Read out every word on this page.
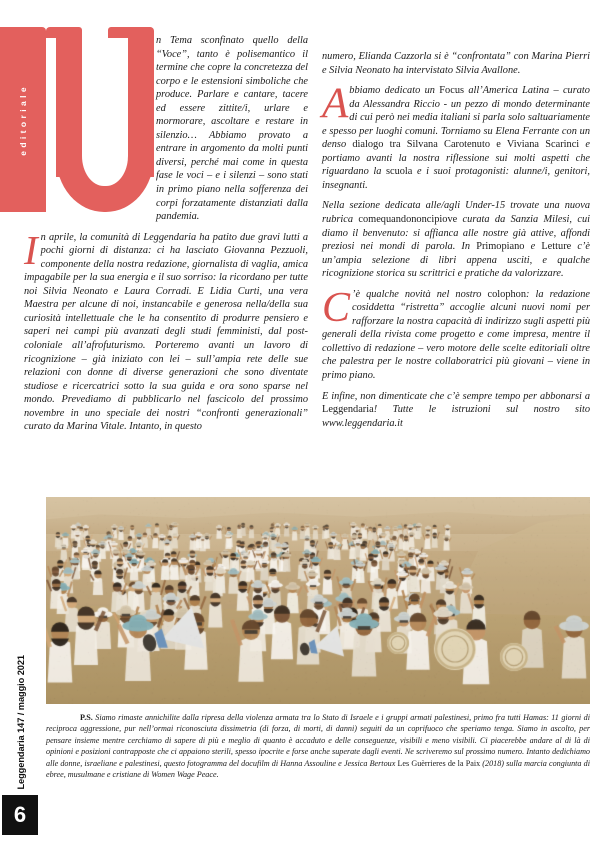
editoriale
Leggendaria 147 / maggio 2021
6

n Tema sconfinato quello della “Voce”, tanto è polisemantico il termine che copre la concretezza del corpo e le estensioni simboliche che produce. Parlare e cantare, tacere ed essere zittite/i, urlare e mormorare, ascoltare e restare in silenzio… Abbiamo provato a entrare in argomento da molti punti diversi, perché mai come in questa fase le voci – e i silenzi – sono stati in primo piano nella sofferenza dei corpi forzatamente distanziati dalla pandemia.

In aprile, la comunità di Leggendaria ha patito due gravi lutti a pochi giorni di distanza: ci ha lasciato Giovanna Pezzuoli, componente della nostra redazione, giornalista di vaglia, amica impagabile per la sua energia e il suo sorriso: la ricordano per tutte noi Silvia Neonato e Laura Corradi. E Lidia Curti, una vera Maestra per alcune di noi, instancabile e generosa nella/della sua curiosità intellettuale che le ha consentito di produrre pensiero e saperi nei campi più avanzati degli studi femministi, dal post-coloniale all’afrofuturismo. Porteremo avanti un lavoro di ricognizione – già iniziato con lei – sull’ampia rete delle sue relazioni con donne di diverse generazioni che sono diventate studiose e ricercatrici sotto la sua guida e ora sono sparse nel mondo. Prevediamo di pubblicarlo nel fascicolo del prossimo novembre in uno speciale dei nostri “confronti generazionali” curato da Marina Vitale. Intanto, in questo

numero, Elianda Cazzorla si è “confrontata” con Marina Pierri e Silvia Neonato ha intervistato Silvia Avallone.

Abbiamo dedicato un Focus all’America Latina – curato da Alessandra Riccio - un pezzo di mondo determinante di cui però nei media italiani si parla solo saltuariamente e spesso per luoghi comuni. Torniamo su Elena Ferrante con un denso dialogo tra Silvana Carotenuto e Viviana Scarinci e portiamo avanti la nostra riflessione sui molti aspetti che riguardano la scuola e i suoi protagonisti: alunne/i, genitori, insegnanti.

Nella sezione dedicata alle/agli Under-15 trovate una nuova rubrica comequandononcipiove curata da Sanzia Milesi, cui diamo il benvenuto: si affianca alle nostre già attive, affondi preziosi nei mondi di parola. In Primopiano e Letture c’è un’ampia selezione di libri appena usciti, e qualche ricognizione storica su scrittrici e pratiche da valorizzare.

C ’è qualche novità nel nostro colophon: la redazione cosiddetta “ristretta” accoglie alcuni nuovi nomi per rafforzare la nostra capacità di indirizzo sugli aspetti più generali della rivista come progetto e come impresa, mentre il collettivo di redazione – vero motore delle scelte editoriali oltre che palestra per le nostre collaboratrici più giovani – viene in primo piano.

E infine, non dimenticate che c’è sempre tempo per abbonarsi a Leggendaria! Tutte le istruzioni sul nostro sito www.leggendaria.it

P.S. Siamo rimaste annichilite dalla ripresa della violenza armata tra lo Stato di Israele e i gruppi armati palestinesi, primo fra tutti Hamas: 11 giorni di reciproca aggressione, pur nell’ormai riconosciuta dissimetria (di forza, di morti, di danni) seguiti da un coprifuoco che speriamo tenga. Siamo in ascolto, per pensare insieme mentre cerchiamo di sapere di più e meglio di quanto è accaduto e delle conseguenze, visibili e meno visibili. Ci piacerebbe andare al di là di opinioni e posizioni contrapposte che ci appaiono sterili, spesso ipocrite e forse anche superate dagli eventi. Ne scriveremo sul prossimo numero. Intanto dedichiamo alle donne, israeliane e palestinesi, questo fotogramma del docufilm di Hanna Assouline e Jessica Bertoux Les Guèrrieres de la Paix (2018) sulla marcia congiunta di ebree, musulmane e cristiane di Women Wage Peace.
